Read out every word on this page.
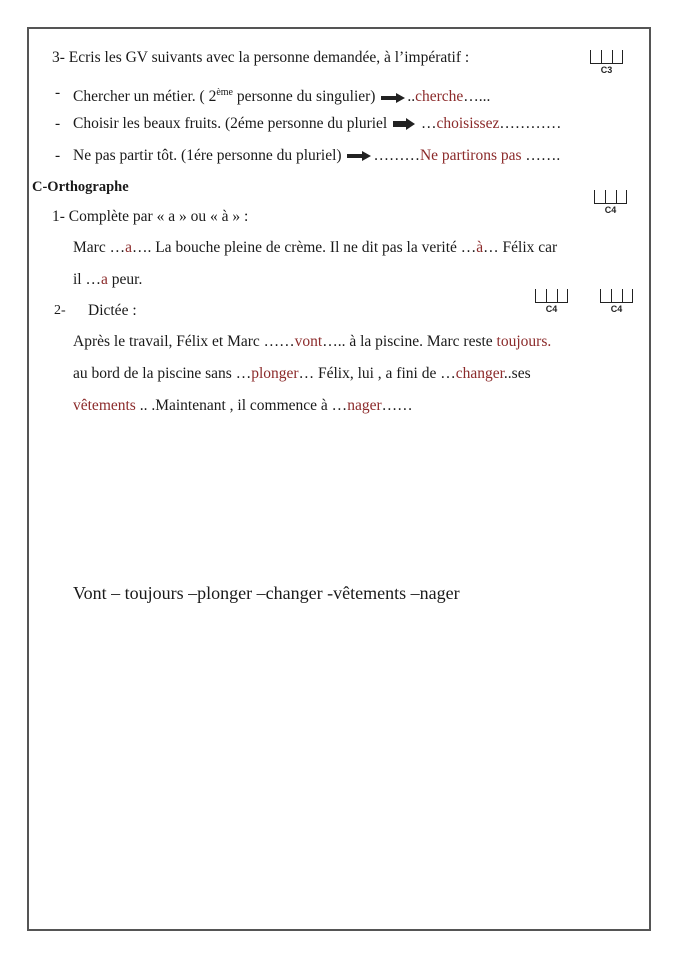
3- Ecris les GV suivants avec la personne demandée, à l’impératif :
C3
- Chercher un métier. ( 2ème personne du singulier) ..cherche…...
- Choisir les beaux fruits. (2éme personne du pluriel  …choisissez…………
- Ne pas partir tôt. (1ére personne du pluriel) ………Ne partirons pas …….
C-Orthographe
1- Complète par « a » ou « à » :	C4
Marc …a…. La bouche pleine de crème. Il ne dit pas la verité …à… Félix car
il …a peur.
2- Dictée :	C4	C4
Après le travail, Félix et Marc ……vont….. à la piscine. Marc reste toujours.
au bord de la piscine sans …plonger… Félix, lui , a fini de …changer..ses
vêtements .. .Maintenant , il commence à …nager……
Vont – toujours –plonger –changer -vêtements –nager
